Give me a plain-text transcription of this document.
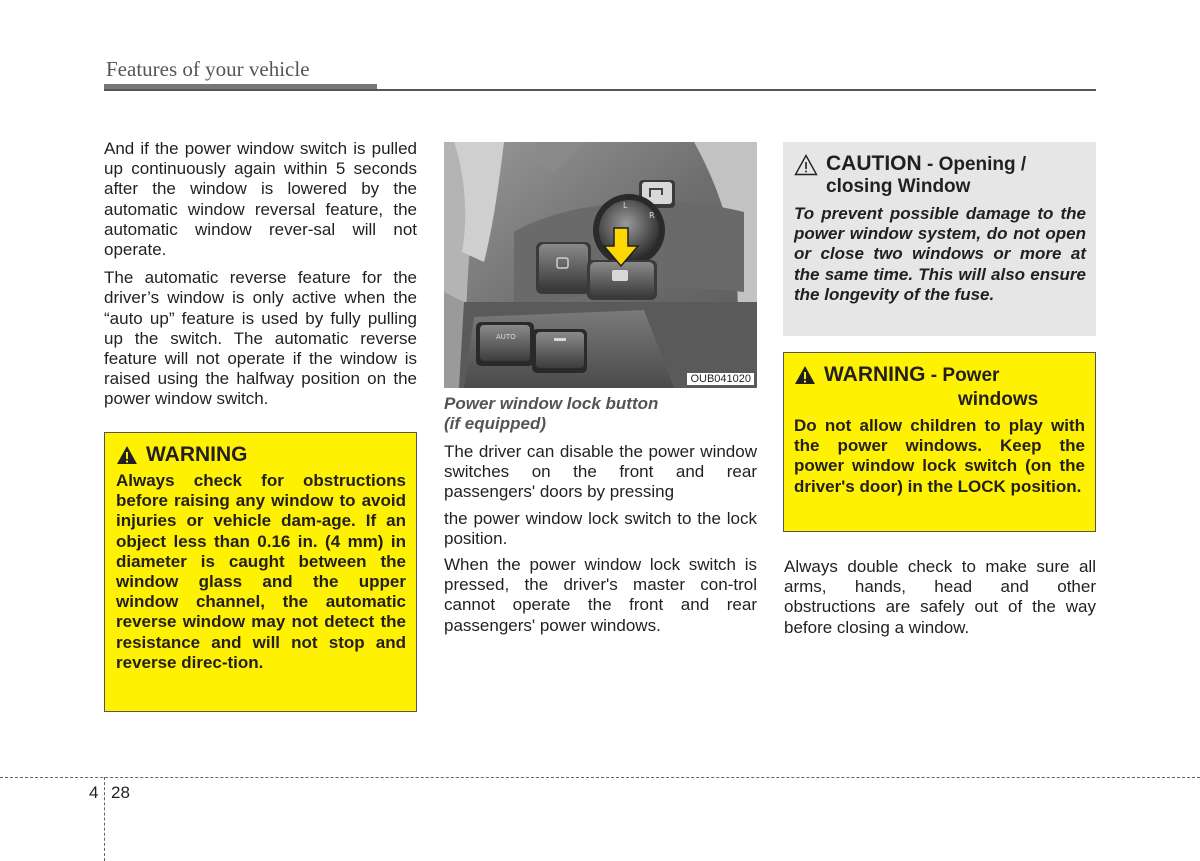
Features of your vehicle

And if the power window switch is pulled up continuously again within 5 seconds after the window is lowered by the automatic window reversal feature, the automatic window rever-sal will not operate.

The automatic reverse feature for the driver’s window is only active when the “auto up” feature is used by fully pulling up the switch. The automatic reverse feature will not operate if the window is raised using the halfway position on the power window switch.

WARNING
Always check for obstructions before raising any window to avoid injuries or vehicle dam-age. If an object less than 0.16 in. (4 mm) in diameter is caught between the window glass and the upper window channel, the automatic reverse window may not detect the resistance and will not stop and reverse direc-tion.
L
R
AUTO
OUB041020
Power window lock button
(if equipped)

The driver can disable the power window switches on the front and rear passengers' doors by pressing

the power window lock switch to the lock position.

When the power window lock switch is pressed, the driver's master con-trol cannot operate the front and rear passengers' power windows.

CAUTION - Opening /
closing Window
To prevent possible damage to the power window system, do not open or close two windows or more at the same time. This will also ensure the longevity of the fuse.
WARNING - Power
windows
Do not allow children to play with the power windows. Keep the power window lock switch (on the driver's door) in the LOCK position.

Always double check to make sure all arms, hands, head and other obstructions are safely out of the way before closing a window.

4 28
